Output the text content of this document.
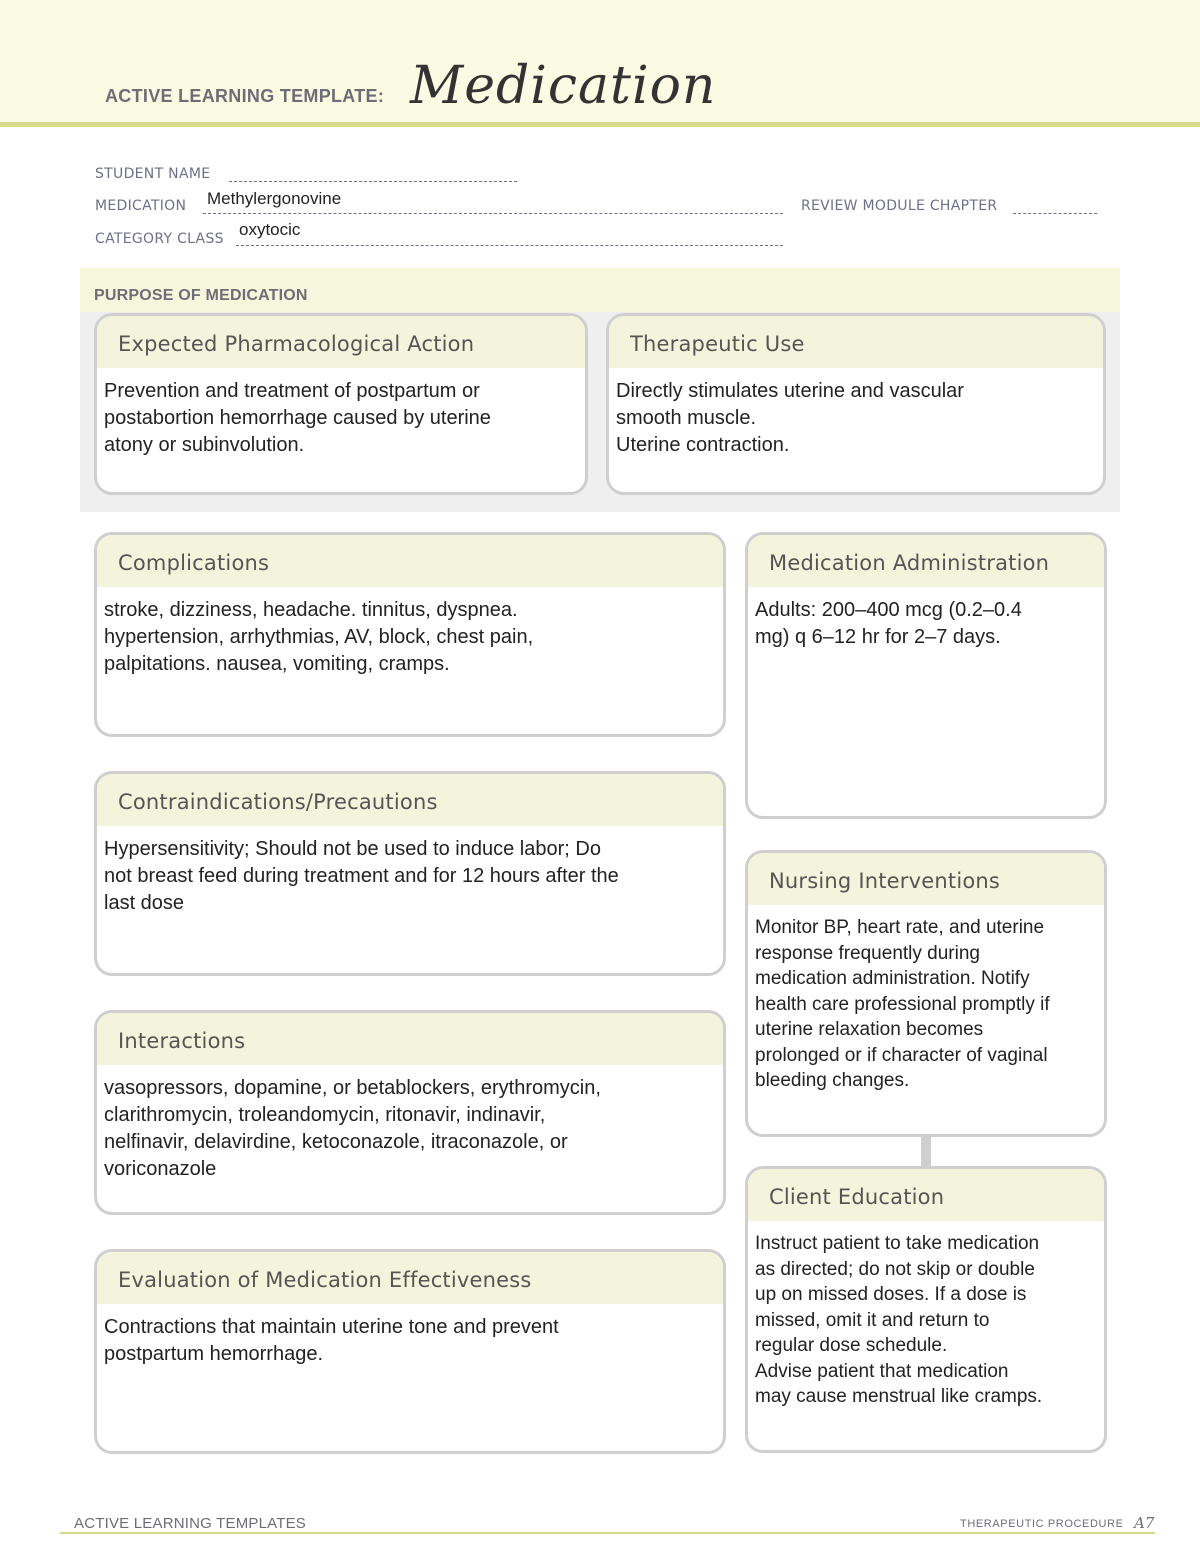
ACTIVE LEARNING TEMPLATE: Medication
STUDENT NAME
MEDICATION Methylergonovine	REVIEW MODULE CHAPTER
CATEGORY CLASS oxytocic
PURPOSE OF MEDICATION
Expected Pharmacological Action

Prevention and treatment of postpartum or

postabortion hemorrhage caused by uterine

atony or subinvolution.

Therapeutic Use

Directly stimulates uterine and vascular

smooth muscle.

Uterine contraction.

Complications

stroke, dizziness, headache. tinnitus, dyspnea.

hypertension, arrhythmias, AV, block, chest pain,

palpitations. nausea, vomiting, cramps.

Medication Administration

Adults: 200–400 mcg (0.2–0.4

mg) q 6–12 hr for 2–7 days.

Contraindications/Precautions

Hypersensitivity; Should not be used to induce labor; Do

not breast feed during treatment and for 12 hours after the

last dose

Nursing Interventions

Monitor BP, heart rate, and uterine

response frequently during

medication administration. Notify

health care professional promptly if

uterine relaxation becomes

prolonged or if character of vaginal

bleeding changes.

Interactions

vasopressors, dopamine, or betablockers, erythromycin,

clarithromycin, troleandomycin, ritonavir, indinavir,

nelfinavir, delavirdine, ketoconazole, itraconazole, or

voriconazole

Client Education

Instruct patient to take medication

as directed; do not skip or double

up on missed doses. If a dose is

missed, omit it and return to

regular dose schedule.

Advise patient that medication

may cause menstrual like cramps.

Evaluation of Medication Effectiveness

Contractions that maintain uterine tone and prevent

postpartum hemorrhage.

ACTIVE LEARNING TEMPLATES	THERAPEUTIC PROCEDURE A7
